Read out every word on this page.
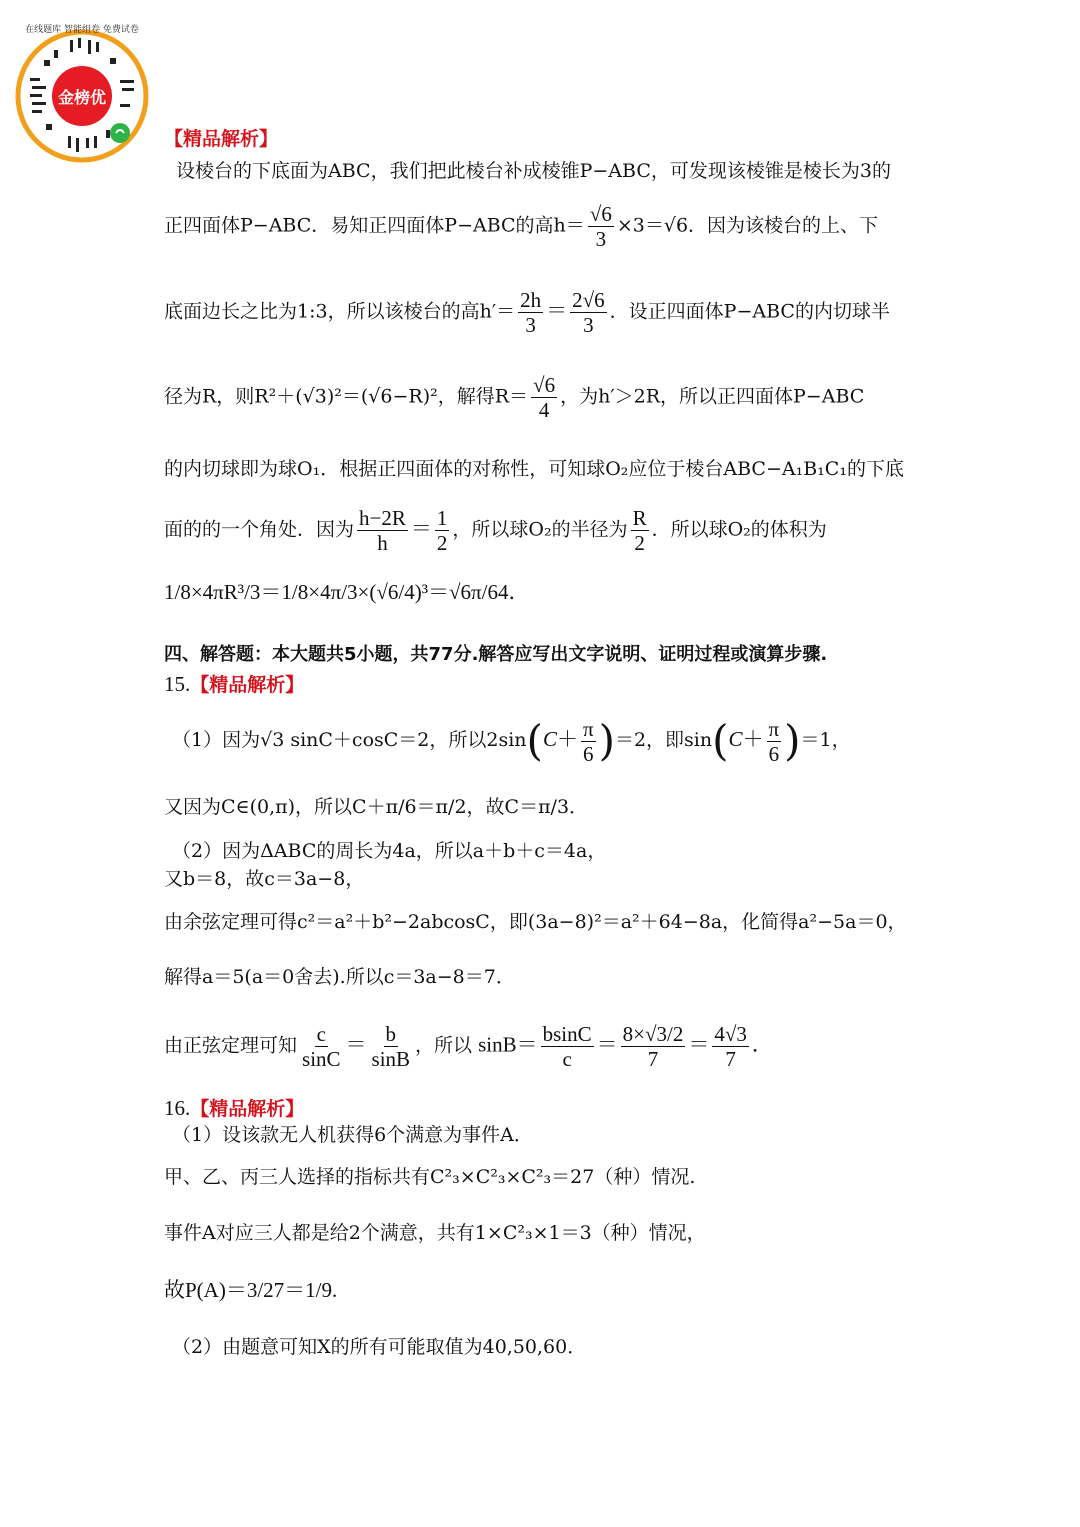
金榜优
在线题库 智能组卷 免费试卷
【精品解析】
设棱台的下底面为ABC，我们把此棱台补成棱锥P−ABC，可发现该棱锥是棱长为3的
正四面体P−ABC．易知正四面体P−ABC的高$h= \frac{√6}{3} \times 3=√6$．因为该棱台的上、下
底面边长之比为1:3，所以该棱台的高$h'= \frac{2h}{3} = \frac{2√6}{3}$ ．设正四面体P−ABC的内切球半
径为R，则R²＋(√3)²＝(√6−R)²，解得$R= \frac{√6}{4}$ ，为h′＞2R，所以正四面体P−ABC
的内切球即为球O₁．根据正四面体的对称性，可知球O₂应位于棱台ABC−A₁B₁C₁的下底
面的的一个角处．因为 $\frac{h-2R}{h} = \frac{1}{2}$ ，所以球O₂的半径为 $\frac{R}{2}$ ．所以球O₂的体积为
1/8×4πR³/3＝1/8×4π/3×(√6/4)³＝√6π/64．
四、解答题：本大题共5小题，共77分.解答应写出文字说明、证明过程或演算步骤.
15.【精品解析】
（1）因为√3 sinC＋cosC＝2，所以$2\sin(C+ \frac{\pi}{6} )=2$，即$\sin(C+ \frac{\pi}{6} )=1$，
又因为C∈(0,π)，所以C＋π/6＝π/2，故C＝π/3．
（2）因为ΔABC的周长为4a，所以a＋b＋c＝4a，
又b＝8，故c＝3a−8，
由余弦定理可得c²＝a²＋b²−2abcosC，即(3a−8)²＝a²＋64−8a，化简得a²−5a＝0，
解得a＝5(a＝0舍去).所以c＝3a−8＝7．
由正弦定理可知 $\frac{c}{\sin C} = \frac{b}{\sin B}$ ，所以 $\sin B= \frac{bsinC}{c} = \frac{8\times√3/2}{7} = \frac{4√3}{7}$ ．
16.【精品解析】
（1）设该款无人机获得6个满意为事件A．
甲、乙、丙三人选择的指标共有C²₃×C²₃×C²₃＝27（种）情况.
事件A对应三人都是给2个满意，共有1×C²₃×1＝3（种）情况，
故P(A)＝3/27＝1/9.
（2）由题意可知X的所有可能取值为40,50,60．
